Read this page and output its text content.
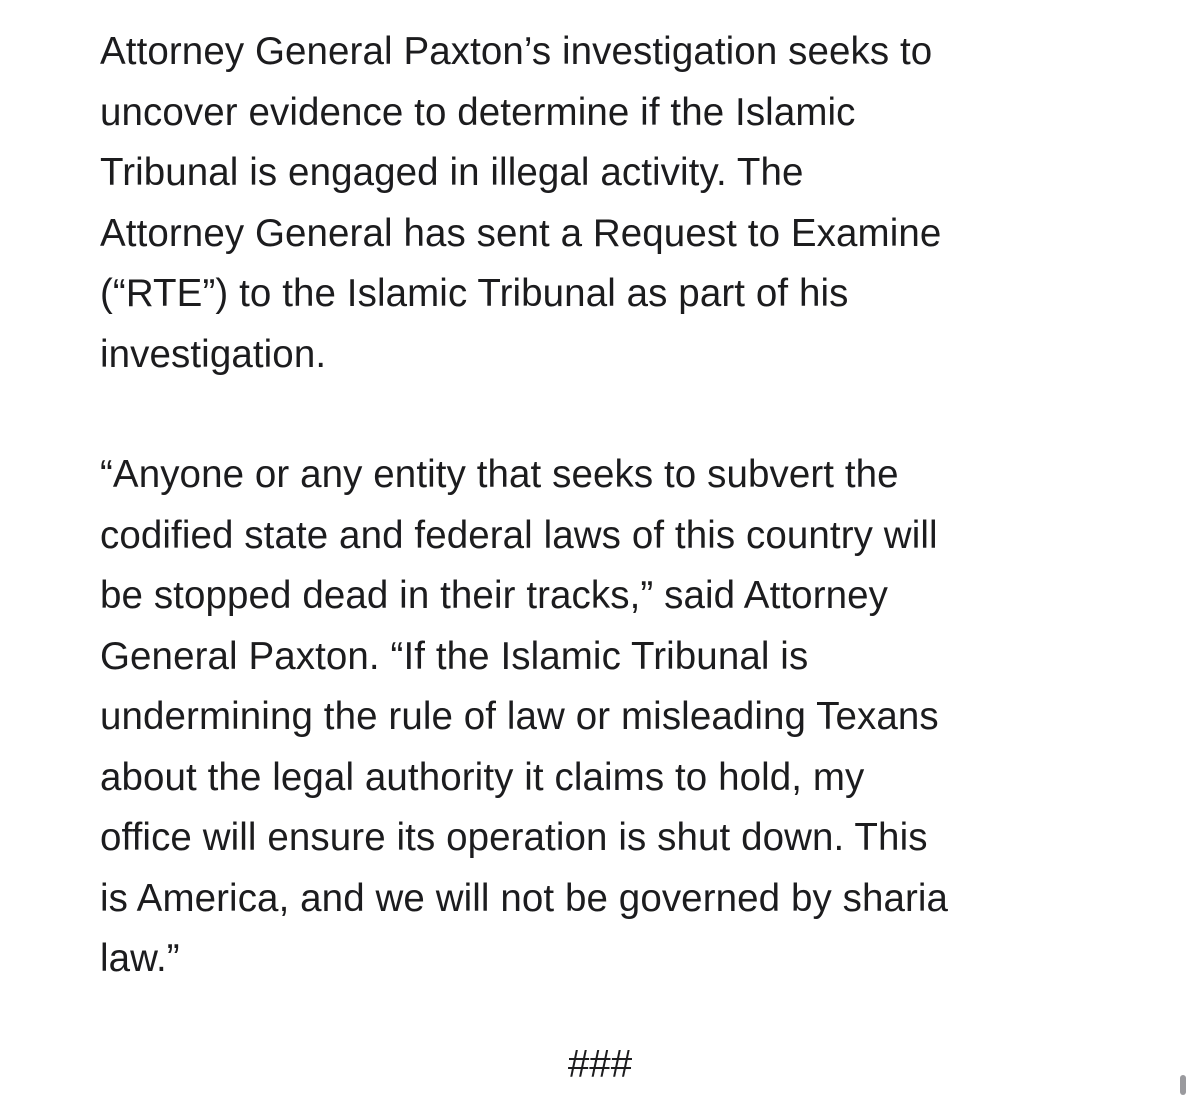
Attorney General Paxton’s investigation seeks to
uncover evidence to determine if the Islamic
Tribunal is engaged in illegal activity. The
Attorney General has sent a Request to Examine
(“RTE”) to the Islamic Tribunal as part of his
investigation.

“Anyone or any entity that seeks to subvert the
codified state and federal laws of this country will
be stopped dead in their tracks,” said Attorney
General Paxton. “If the Islamic Tribunal is
undermining the rule of law or misleading Texans
about the legal authority it claims to hold, my
office will ensure its operation is shut down. This
is America, and we will not be governed by sharia
law.”

###
